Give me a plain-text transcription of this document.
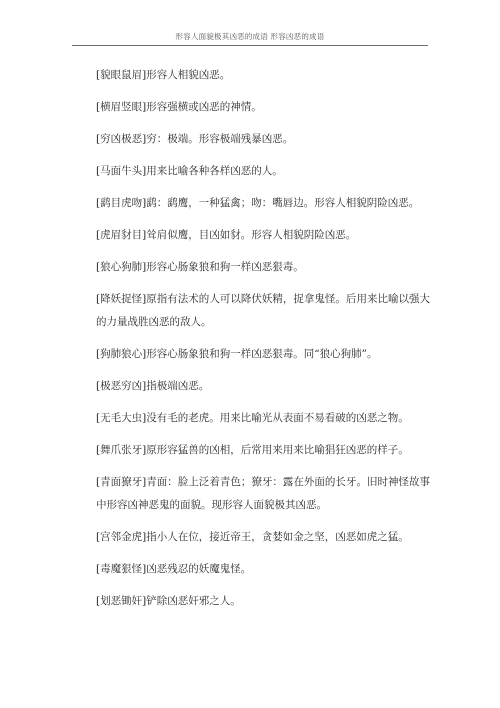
形容人面貌极其凶恶的成语 形容凶恶的成语

[貌眼鼠眉]形容人相貌凶恶。

[横眉竖眼]形容强横或凶恶的神情。

[穷凶极恶]穷：极端。形容极端残暴凶恶。

[马面牛头]用来比喻各种各样凶恶的人。

[鹞目虎吻]鹞：鹞鹰，一种猛禽；吻：嘴唇边。形容人相貌阴险凶恶。

[虎眉豺目]耸肩似鹰，目凶如豺。形容人相貌阴险凶恶。

[狼心狗肺]形容心肠象狼和狗一样凶恶狠毒。

[降妖捉怪]原指有法术的人可以降伏妖精，捉拿鬼怪。后用来比喻以强大的力量战胜凶恶的敌人。

[狗肺狼心]形容心肠象狼和狗一样凶恶狠毒。同“狼心狗肺”。

[极恶穷凶]指极端凶恶。

[无毛大虫]没有毛的老虎。用来比喻光从表面不易看破的凶恶之物。

[舞爪张牙]原形容猛兽的凶相，后常用来用来比喻猖狂凶恶的样子。

[青面獠牙]青面：脸上泛着青色；獠牙：露在外面的长牙。旧时神怪故事中形容凶神恶鬼的面貌。现形容人面貌极其凶恶。

[宫邻金虎]指小人在位，接近帝王，贪婪如金之坚，凶恶如虎之猛。

[毒魔狠怪]凶恶残忍的妖魔鬼怪。

[划恶锄奸]铲除凶恶奸邪之人。
